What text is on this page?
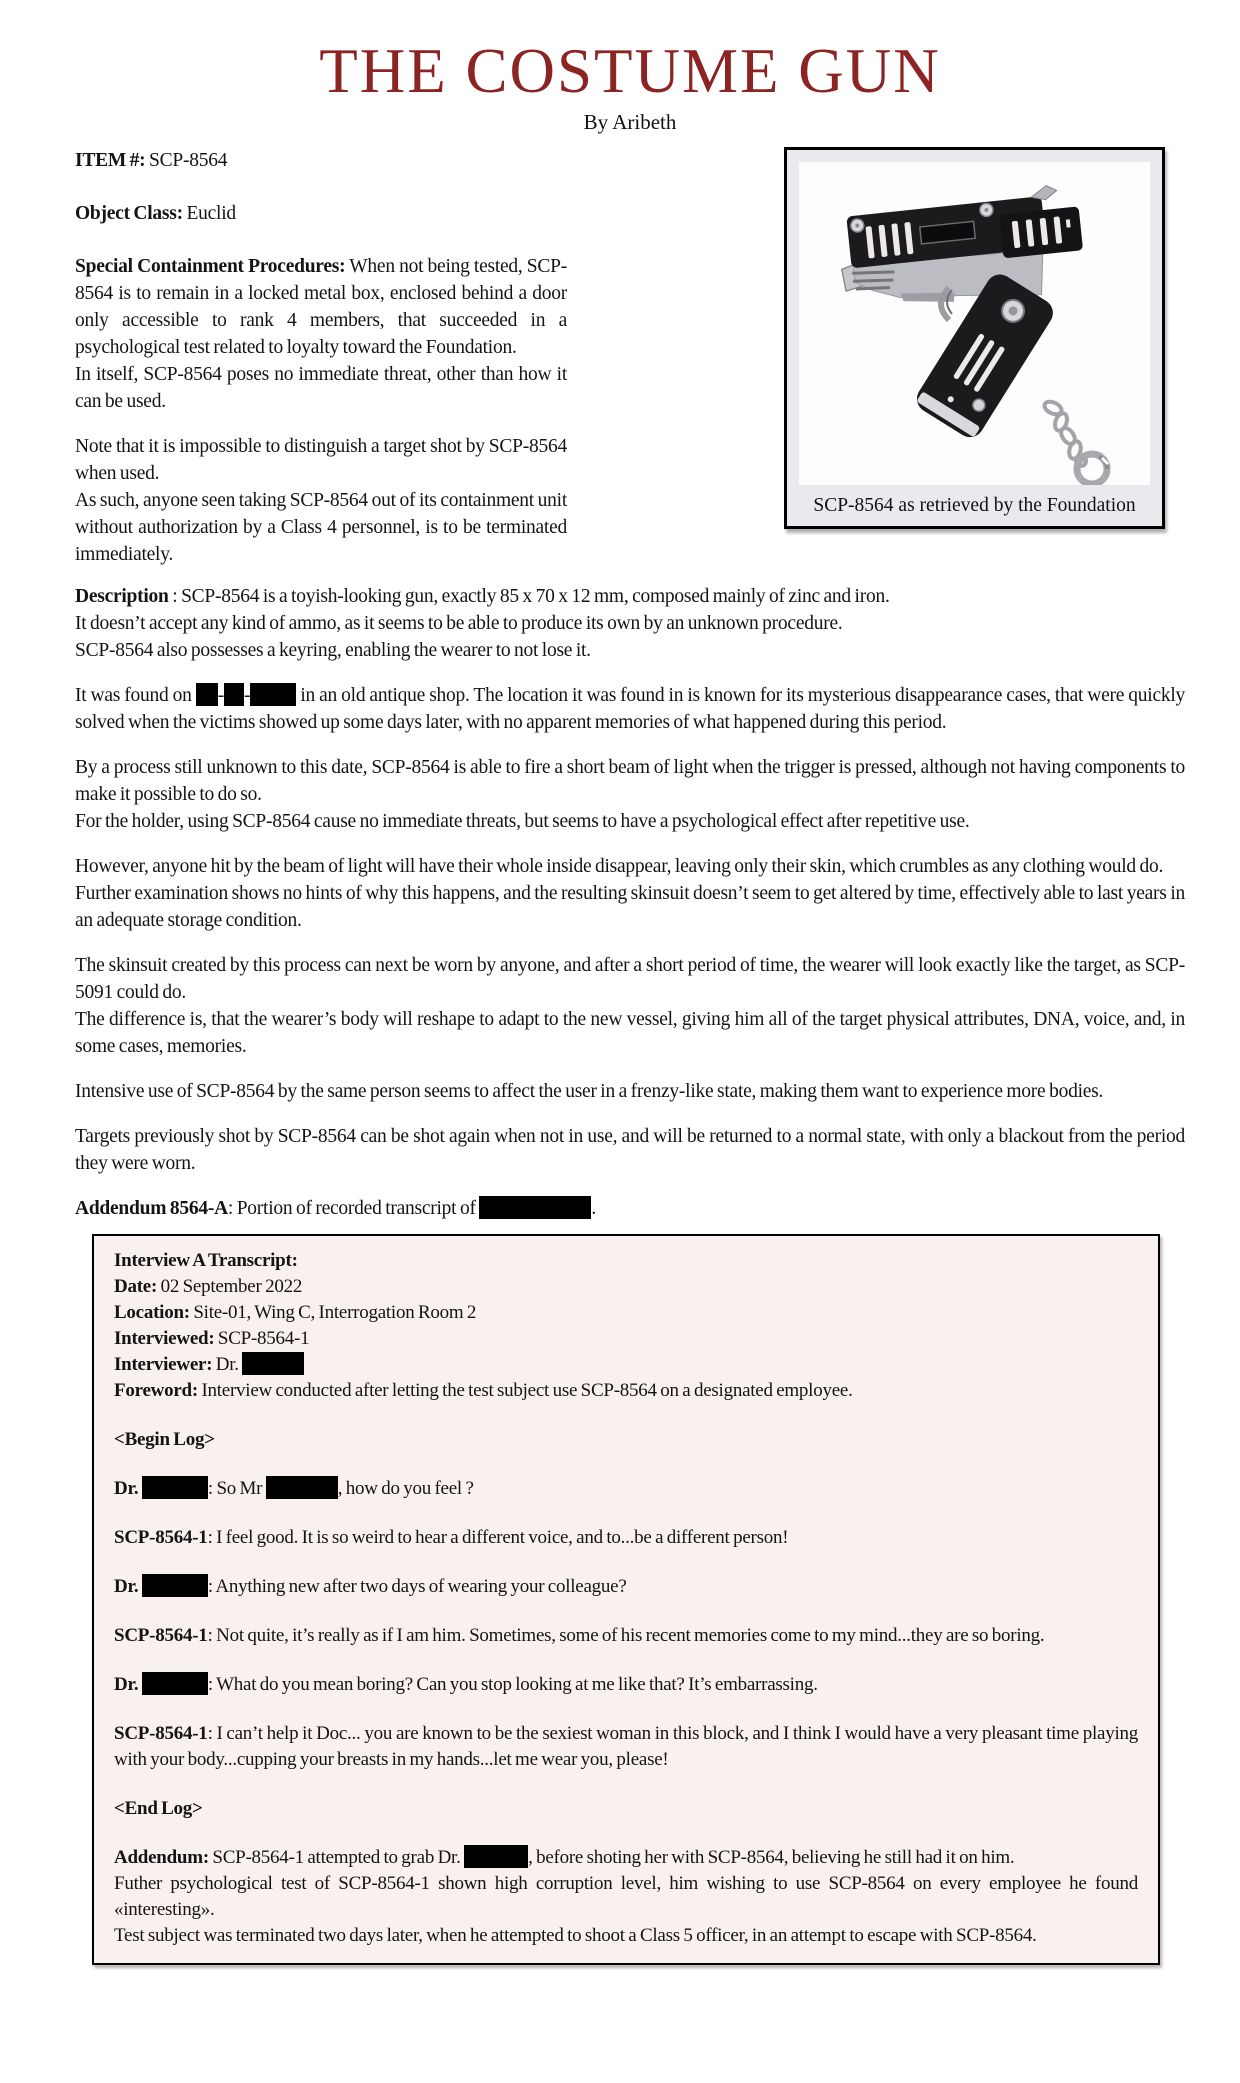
THE COSTUME GUN
By Aribeth

ITEM #: SCP-8564

Object Class: Euclid

Special Containment Procedures: When not being tested, SCP-8564 is to remain in a locked metal box, enclosed behind a door only accessible to rank 4 members, that succeeded in a psychological test related to loyalty toward the Foundation.
In itself, SCP-8564 poses no immediate threat, other than how it can be used.

Note that it is impossible to distinguish a target shot by SCP-8564 when used.
As such, anyone seen taking SCP-8564 out of its containment unit without authorization by a Class 4 personnel, is to be terminated immediately.

SCP-8564 as retrieved by the Foundation

Description : SCP-8564 is a toyish-looking gun, exactly 85 x 70 x 12 mm, composed mainly of zinc and iron.
It doesn’t accept any kind of ammo, as it seems to be able to produce its own by an unknown procedure.
SCP-8564 also possesses a keyring, enabling the wearer to not lose it.

It was found on - -	in an old antique shop. The location it was found in is known for its mysterious disappearance cases, that were quickly solved when the victims showed up some days later, with no apparent memories of what happened during this period.

By a process still unknown to this date, SCP-8564 is able to fire a short beam of light when the trigger is pressed, although not having components to make it possible to do so.
For the holder, using SCP-8564 cause no immediate threats, but seems to have a psychological effect after repetitive use.

However, anyone hit by the beam of light will have their whole inside disappear, leaving only their skin, which crumbles as any clothing would do.
Further examination shows no hints of why this happens, and the resulting skinsuit doesn’t seem to get altered by time, effectively able to last years in an adequate storage condition.

The skinsuit created by this process can next be worn by anyone, and after a short period of time, the wearer will look exactly like the target, as SCP-5091 could do.
The difference is, that the wearer’s body will reshape to adapt to the new vessel, giving him all of the target physical attributes, DNA, voice, and, in some cases, memories.

Intensive use of SCP-8564 by the same person seems to affect the user in a frenzy-like state, making them want to experience more bodies.

Targets previously shot by SCP-8564 can be shot again when not in use, and will be returned to a normal state, with only a blackout from the period they were worn.

Addendum 8564-A: Portion of recorded transcript of	.

Interview A Transcript:

Date: 02 September 2022

Location: Site-01, Wing C, Interrogation Room 2

Interviewed: SCP-8564-1

Interviewer: Dr.

Foreword: Interview conducted after letting the test subject use SCP-8564 on a designated employee.

<Begin Log>

Dr.	: So Mr	, how do you feel ?

SCP-8564-1: I feel good. It is so weird to hear a different voice, and to...be a different person!

Dr.	: Anything new after two days of wearing your colleague?

SCP-8564-1: Not quite, it’s really as if I am him. Sometimes, some of his recent memories come to my mind...they are so boring.

Dr.	: What do you mean boring? Can you stop looking at me like that? It’s embarrassing.

SCP-8564-1: I can’t help it Doc... you are known to be the sexiest woman in this block, and I think I would have a very pleasant time playing with your body...cupping your breasts in my hands...let me wear you, please!

<End Log>

Addendum: SCP-8564-1 attempted to grab Dr.	, before shoting her with SCP-8564, believing he still had it on him.
Futher psychological test of SCP-8564-1 shown high corruption level, him wishing to use SCP-8564 on every employee he found «interesting».
Test subject was terminated two days later, when he attempted to shoot a Class 5 officer, in an attempt to escape with SCP-8564.
